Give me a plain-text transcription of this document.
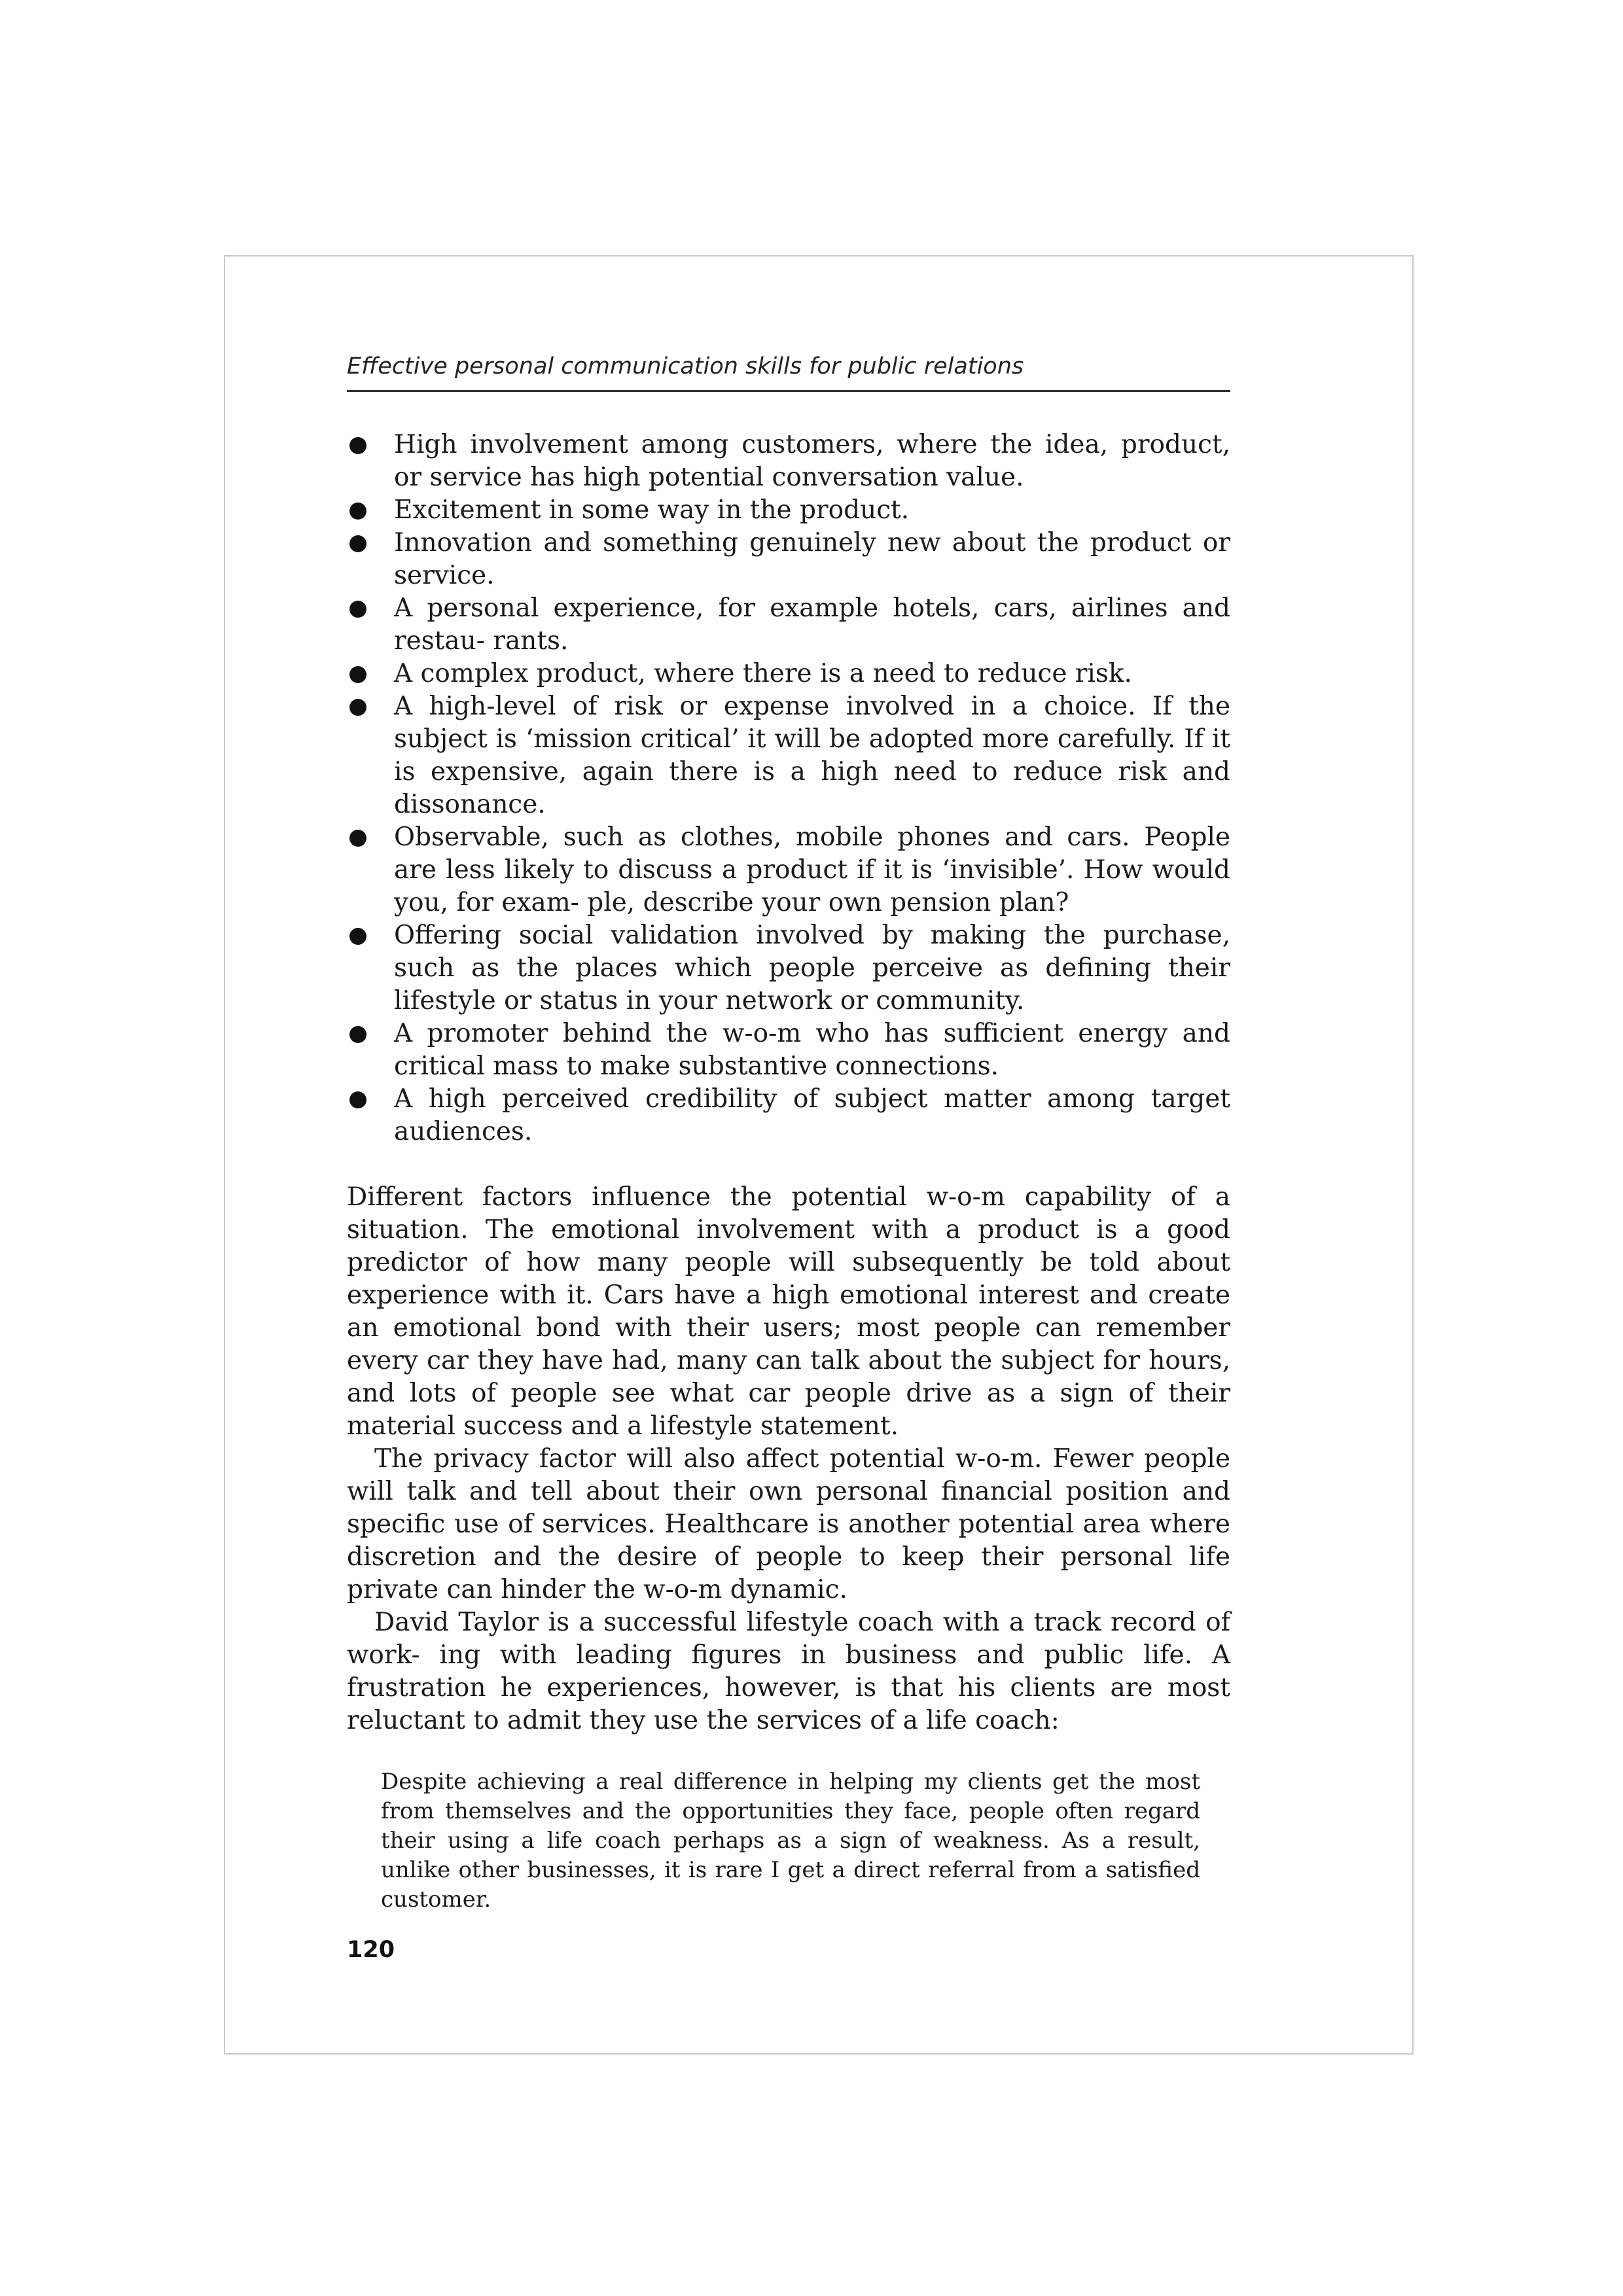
Effective personal communication skills for public relations

High involvement among customers, where the idea, product, or service has high potential conversation value.
Excitement in some way in the product.
Innovation and something genuinely new about the product or service.
A personal experience, for example hotels, cars, airlines and restau- rants.
A complex product, where there is a need to reduce risk.
A high-level of risk or expense involved in a choice. If the subject is ‘mission critical’ it will be adopted more carefully. If it is expensive, again there is a high need to reduce risk and dissonance.
Observable, such as clothes, mobile phones and cars. People are less likely to discuss a product if it is ‘invisible’. How would you, for exam- ple, describe your own pension plan?
Offering social validation involved by making the purchase, such as the places which people perceive as defining their lifestyle or status in your network or community.
A promoter behind the w-o-m who has sufficient energy and critical mass to make substantive connections.
A high perceived credibility of subject matter among target audiences.

Different factors influence the potential w-o-m capability of a situation. The emotional involvement with a product is a good predictor of how many people will subsequently be told about experience with it. Cars have a high emotional interest and create an emotional bond with their users; most people can remember every car they have had, many can talk about the subject for hours, and lots of people see what car people drive as a sign of their material success and a lifestyle statement.

The privacy factor will also affect potential w-o-m. Fewer people will talk and tell about their own personal financial position and specific use of services. Healthcare is another potential area where discretion and the desire of people to keep their personal life private can hinder the w-o-m dynamic.

David Taylor is a successful lifestyle coach with a track record of work- ing with leading figures in business and public life. A frustration he experiences, however, is that his clients are most reluctant to admit they use the services of a life coach:

Despite achieving a real difference in helping my clients get the most from themselves and the opportunities they face, people often regard their using a life coach perhaps as a sign of weakness. As a result, unlike other businesses, it is rare I get a direct referral from a satisfied customer.
120
